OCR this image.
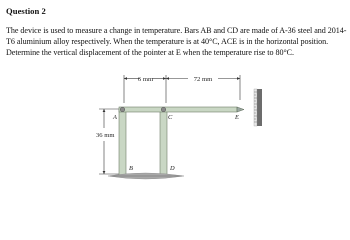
Question 2
The device is used to measure a change in temperature. Bars AB and CD are made of A-36 steel and 2014-
T6 aluminium alloy respectively. When the temperature is at 40°C, ACE is in the horizontal position.
Determine the vertical displacement of the pointer at E when the temperature rise to 80°C.
6 mm	72 mm
36 mm
A
B
C
D
E
